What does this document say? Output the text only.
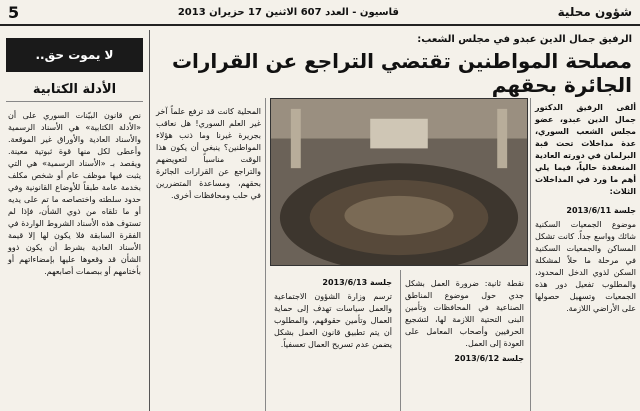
شؤون محلية
قاسيون - العدد 607 الاثنين 17 حزيران 2013
5
لا يموت حق..
الأدلة الكتابية
نص قانون البيّنات السوري على أن «الأدلة الكتابية» هي الأسناد الرسمية والأسناد العادية والأوراق غير الموقعة. وأعطى لكل منها قوة ثبوتية معينة. ويقصد بـ «الأسناد الرسمية» هي التي يثبت فيها موظف عام أو شخص مكلف بخدمة عامة طبقاً للأوضاع القانونية وفي حدود سلطته واختصاصه ما تم على يديه أو ما تلقاه من ذوي الشأن، فإذا لم تستوف هذه الأسناد الشروط الواردة في الفقرة السابقة فلا يكون لها إلا قيمة الأسناد العادية بشرط أن يكون ذوو الشأن قد وقعوها عليها بإمضاءاتهم أو بأختامهم أو ببصمات أصابعهم.
الرفيق جمال الدين عبدو في مجلس الشعب:
مصلحة المواطنين تقتضي التراجع عن القرارات الجائرة بحقهم
ألقى الرفيق الدكتور جمال الدين عبدو، عضو مجلس الشعب السوري، عدة مداخلات تحت قبة البرلمان في دورته العادية المنعقدة حالياً، فيما يلي أهم ما ورد في المداخلات الثلاث:
جلسة 2013/6/11
موضوع الجمعيات السكنية شائك وواسع جداً. كانت تشكل المساكن والجمعيات السكنية في مرحلة ما حلاً لمشكلة السكن لذوي الدخل المحدود، والمطلوب تفعيل دور هذه الجمعيات وتسهيل حصولها على الأراضي اللازمة.
المحلية كانت قد ترفع علماً آخر غير العلم السوري! هل نعاقب بجريرة غيرنا وما ذنب هؤلاء المواطنين؟ ينبغي أن يكون هذا الوقت مناسباً لتعويضهم والتراجع عن القرارات الجائرة بحقهم، ومساعدة المتضررين في حلب ومحافظات أخرى.
جلسة 2013/6/13
ترسم وزارة الشؤون الاجتماعية والعمل سياسات تهدف إلى حماية العمال وتأمين حقوقهم، والمطلوب أن يتم تطبيق قانون العمل بشكل يضمن عدم تسريح العمال تعسفياً.
نقطة ثانية: ضرورة العمل بشكل جدي حول موضوع المناطق الصناعية في المحافظات وتأمين البنى التحتية اللازمة لها، لتشجيع الحرفيين وأصحاب المعامل على العودة إلى العمل.
جلسة 2013/6/12
